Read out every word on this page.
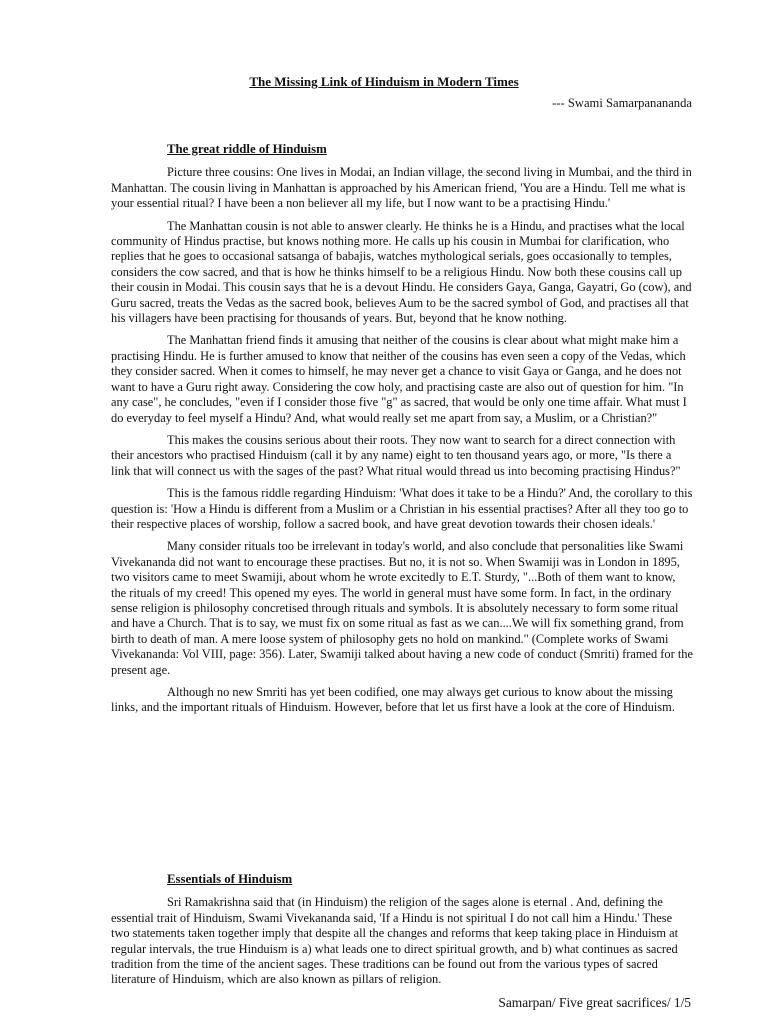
The Missing Link of Hinduism in Modern Times

--- Swami Samarpanananda

The great riddle of Hinduism

Picture three cousins: One lives in Modai, an Indian village, the second living in Mumbai, and the third in Manhattan. The cousin living in Manhattan is approached by his American friend, 'You are a Hindu. Tell me what is your essential ritual? I have been a non believer all my life, but I now want to be a practising Hindu.'

The Manhattan cousin is not able to answer clearly. He thinks he is a Hindu, and practises what the local community of Hindus practise, but knows nothing more. He calls up his cousin in Mumbai for clarification, who replies that he goes to occasional satsanga of babajis, watches mythological serials, goes occasionally to temples, considers the cow sacred, and that is how he thinks himself to be a religious Hindu. Now both these cousins call up their cousin in Modai. This cousin says that he is a devout Hindu. He considers Gaya, Ganga, Gayatri, Go (cow), and Guru sacred, treats the Vedas as the sacred book, believes Aum to be the sacred symbol of God, and practises all that his villagers have been practising for thousands of years. But, beyond that he know nothing.

The Manhattan friend finds it amusing that neither of the cousins is clear about what might make him a practising Hindu. He is further amused to know that neither of the cousins has even seen a copy of the Vedas, which they consider sacred. When it comes to himself, he may never get a chance to visit Gaya or Ganga, and he does not want to have a Guru right away. Considering the cow holy, and practising caste are also out of question for him. "In any case", he concludes, "even if I consider those five "g" as sacred, that would be only one time affair. What must I do everyday to feel myself a Hindu? And, what would really set me apart from say, a Muslim, or a Christian?"

This makes the cousins serious about their roots. They now want to search for a direct connection with their ancestors who practised Hinduism (call it by any name) eight to ten thousand years ago, or more, "Is there a link that will connect us with the sages of the past? What ritual would thread us into becoming practising Hindus?"

This is the famous riddle regarding Hinduism: 'What does it take to be a Hindu?' And, the corollary to this question is: 'How a Hindu is different from a Muslim or a Christian in his essential practises? After all they too go to their respective places of worship, follow a sacred book, and have great devotion towards their chosen ideals.'

Many consider rituals too be irrelevant in today's world, and also conclude that personalities like Swami Vivekananda did not want to encourage these practises. But no, it is not so. When Swamiji was in London in 1895, two visitors came to meet Swamiji, about whom he wrote excitedly to E.T. Sturdy, "...Both of them want to know, the rituals of my creed! This opened my eyes. The world in general must have some form. In fact, in the ordinary sense religion is philosophy concretised through rituals and symbols. It is absolutely necessary to form some ritual and have a Church. That is to say, we must fix on some ritual as fast as we can....We will fix something grand, from birth to death of man. A mere loose system of philosophy gets no hold on mankind." (Complete works of Swami Vivekananda: Vol VIII, page: 356). Later, Swamiji talked about having a new code of conduct (Smriti) framed for the present age.

Although no new Smriti has yet been codified, one may always get curious to know about the missing links, and the important rituals of Hinduism. However, before that let us first have a look at the core of Hinduism.

Essentials of Hinduism

Sri Ramakrishna said that (in Hinduism) the religion of the sages alone is eternal . And, defining the essential trait of Hinduism, Swami Vivekananda said, 'If a Hindu is not spiritual I do not call him a Hindu.' These two statements taken together imply that despite all the changes and reforms that keep taking place in Hinduism at regular intervals, the true Hinduism is a) what leads one to direct spiritual growth, and b) what continues as sacred tradition from the time of the ancient sages. These traditions can be found out from the various types of sacred literature of Hinduism, which are also known as pillars of religion.

Samarpan/ Five great sacrifices/ 1/5
